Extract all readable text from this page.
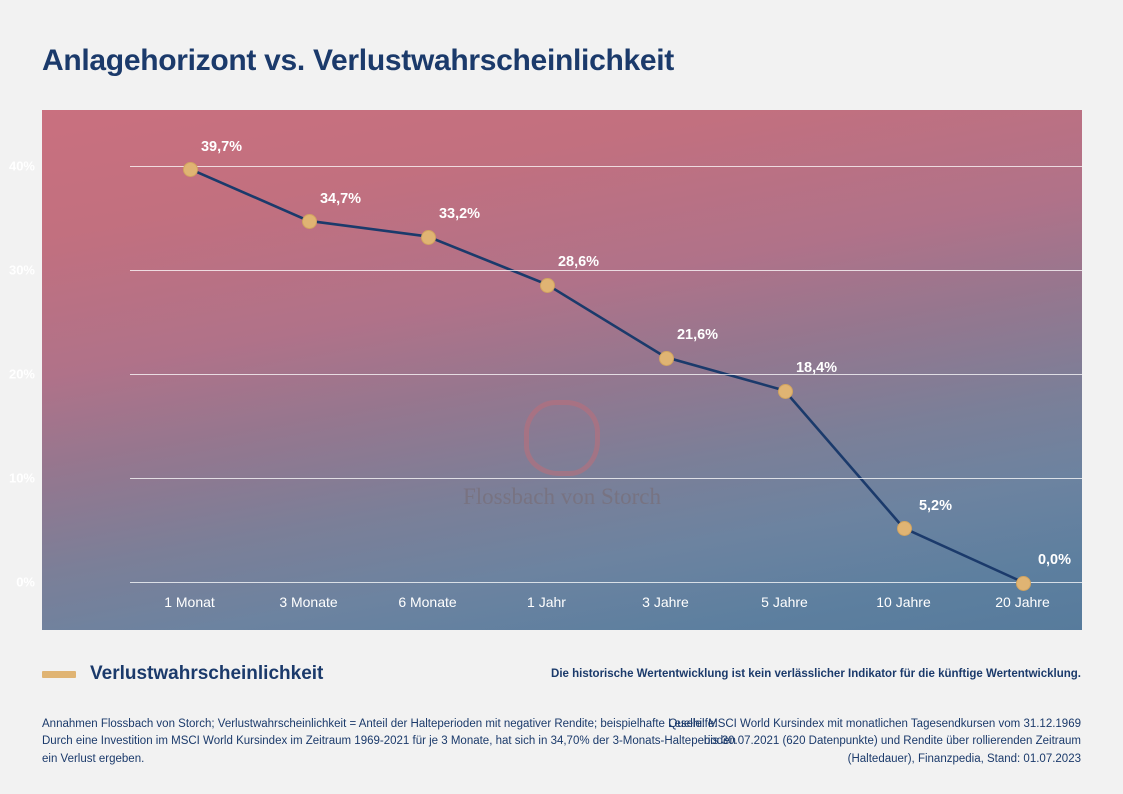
Anlagehorizont vs. Verlustwahrscheinlichkeit
Flossbach von Storch
0%
10%
20%
30%
40%
39,7%
34,7%
33,2%
28,6%
21,6%
18,4%
5,2%
0,0%
1 Monat	3 Monate	6 Monate	1 Jahr	3 Jahre	5 Jahre	10 Jahre	20 Jahre
Verlustwahrscheinlichkeit	Die historische Wertentwicklung ist kein verlässlicher Indikator für die künftige Wertentwicklung.
Annahmen Flossbach von Storch; Verlustwahrscheinlichkeit = Anteil der Halteperioden mit negativer Rendite; beispielhafte Lesehilfe: Durch eine Investition im MSCI World Kursindex im Zeitraum 1969-2021 für je 3 Monate, hat sich in 34,70% der 3-Monats-Halteperioden ein Verlust ergeben.
Quelle: MSCI World Kursindex mit monatlichen Tagesendkursen vom 31.12.1969 bis 30.07.2021 (620 Datenpunkte) und Rendite über rollierenden Zeitraum (Haltedauer), Finanzpedia, Stand: 01.07.2023
